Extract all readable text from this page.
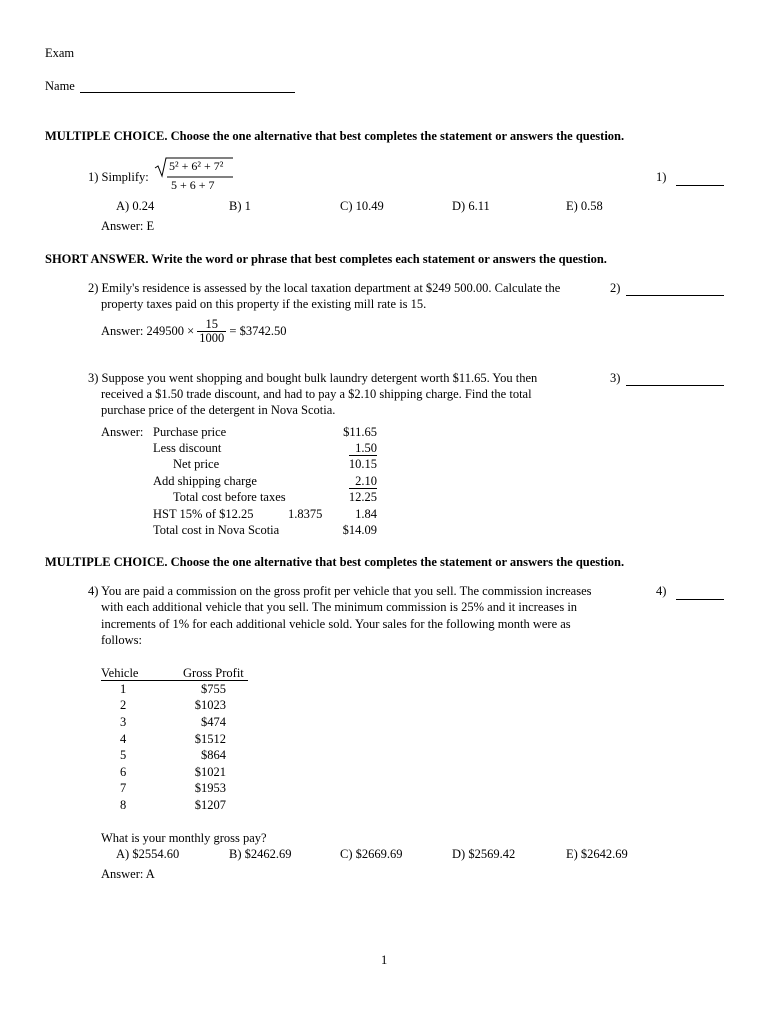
Exam
Name
MULTIPLE CHOICE. Choose the one alternative that best completes the statement or answers the question.
1) Simplify:
5² + 6² + 7²
5 + 6 + 7
1)
A) 0.24	B) 1	C) 10.49	D) 6.11	E) 0.58
Answer: E
SHORT ANSWER. Write the word or phrase that best completes each statement or answers the question.
2) Emily's residence is assessed by the local taxation department at $249 500.00. Calculate the
property taxes paid on this property if the existing mill rate is 15.
2)
Answer: $249500 \times \frac{15}{1000}$ = $3742.50
3) Suppose you went shopping and bought bulk laundry detergent worth $11.65. You then
received a $1.50 trade discount, and had to pay a $2.10 shipping charge. Find the total
purchase price of the detergent in Nova Scotia.
3)
Answer: Purchase price	$11.65
Less discount	1.50
Net price	10.15
Add shipping charge	2.10
Total cost before taxes	12.25
HST 15% of $12.25	1.8375	1.84
Total cost in Nova Scotia	$14.09
MULTIPLE CHOICE. Choose the one alternative that best completes the statement or answers the question.
4) You are paid a commission on the gross profit per vehicle that you sell. The commission increases
with each additional vehicle that you sell. The minimum commission is 25% and it increases in
increments of 1% for each additional vehicle sold. Your sales for the following month were as
follows:
4)
Vehicle	Gross Profit
1	$755
2	$1023
3	$474
4	$1512
5	$864
6	$1021
7	$1953
8	$1207
What is your monthly gross pay?
A) $2554.60	B) $2462.69	C) $2669.69	D) $2569.42	E) $2642.69
Answer: A
1
